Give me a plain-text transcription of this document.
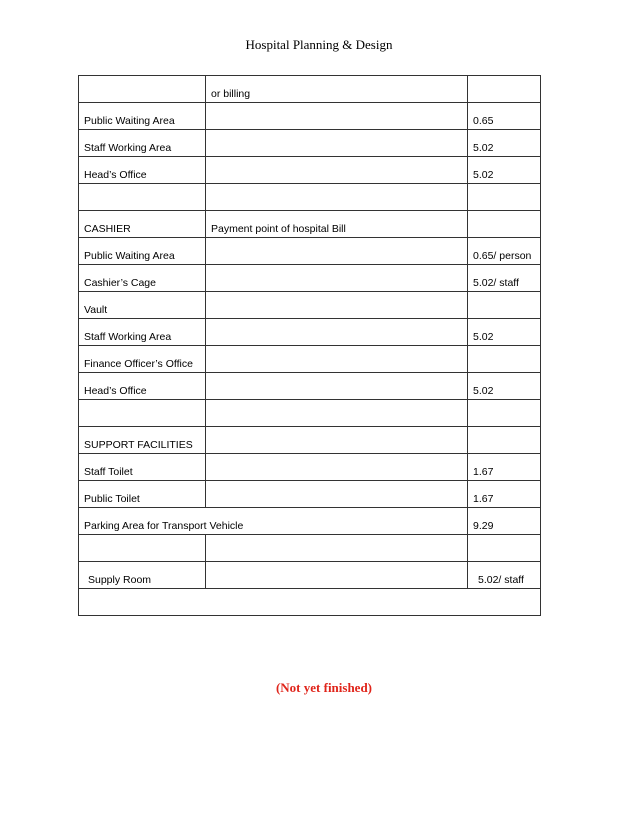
Hospital Planning & Design
	or billing	
Public Waiting Area		0.65
Staff Working Area		5.02
Head’s Office		5.02

CASHIER	Payment point of hospital Bill	
Public Waiting Area		0.65/ person
Cashier’s Cage		5.02/ staff
Vault		
Staff Working Area		5.02
Finance Officer’s Office		
Head’s Office		5.02

SUPPORT FACILITIES		
Staff Toilet		1.67
Public Toilet		1.67
Parking Area for Transport Vehicle		9.29

Supply Room		5.02/ staff

(Not yet finished)
